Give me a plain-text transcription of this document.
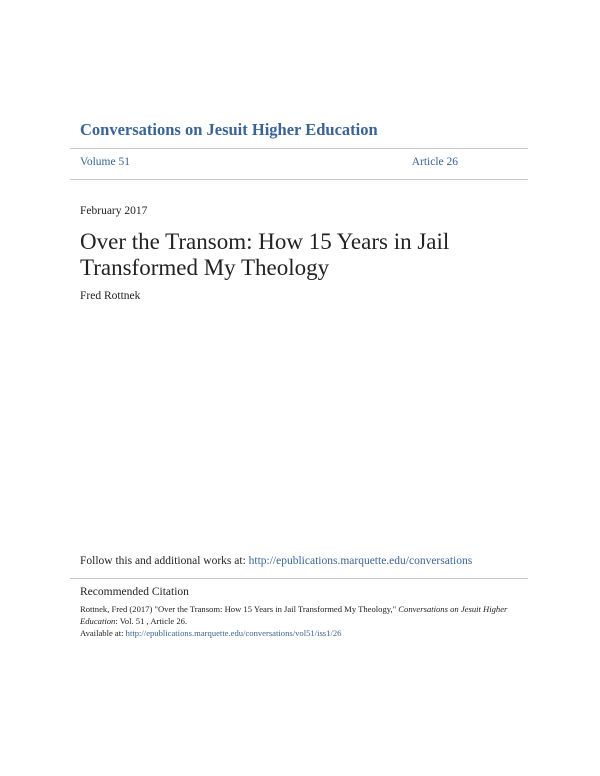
Conversations on Jesuit Higher Education
Volume 51	Article 26
February 2017
Over the Transom: How 15 Years in Jail Transformed My Theology
Fred Rottnek
Follow this and additional works at: http://epublications.marquette.edu/conversations
Recommended Citation
Rottnek, Fred (2017) "Over the Transom: How 15 Years in Jail Transformed My Theology," Conversations on Jesuit Higher Education: Vol. 51 , Article 26.
Available at: http://epublications.marquette.edu/conversations/vol51/iss1/26
